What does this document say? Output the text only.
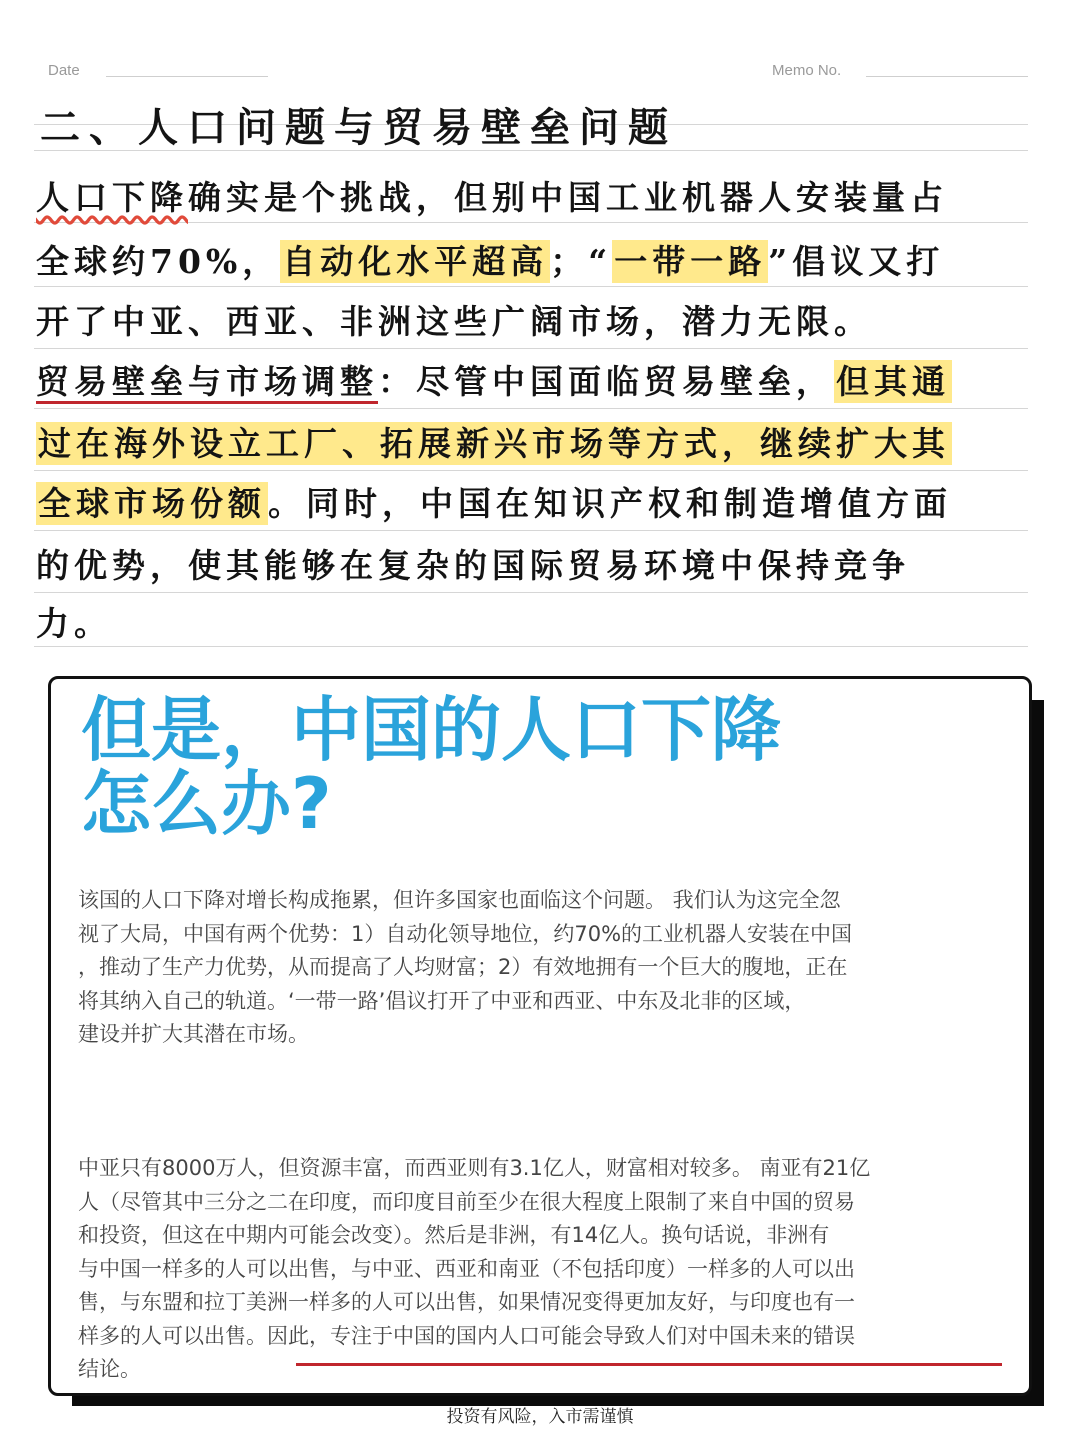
Date	Memo No.
二、人口问题与贸易壁垒问题
人口下降确实是个挑战，但别中国工业机器人安装量占
全球约70%，自动化水平超高；“一带一路”倡议又打
开了中亚、西亚、非洲这些广阔市场，潜力无限。
贸易壁垒与市场调整：尽管中国面临贸易壁垒，但其通
过在海外设立工厂、拓展新兴市场等方式，继续扩大其
全球市场份额。同时，中国在知识产权和制造增值方面
的优势，使其能够在复杂的国际贸易环境中保持竞争
力。
但是，中国的人口下降
怎么办?
该国的人口下降对增长构成拖累，但许多国家也面临这个问题。 我们认为这完全忽
视了大局，中国有两个优势：1）自动化领导地位，约70%的工业机器人安装在中国
，推动了生产力优势，从而提高了人均财富；2）有效地拥有一个巨大的腹地，正在
将其纳入自己的轨道。‘一带一路’倡议打开了中亚和西亚、中东及北非的区域，
建设并扩大其潜在市场。
中亚只有8000万人，但资源丰富，而西亚则有3.1亿人，财富相对较多。 南亚有21亿
人（尽管其中三分之二在印度，而印度目前至少在很大程度上限制了来自中国的贸易
和投资，但这在中期内可能会改变）。然后是非洲，有14亿人。换句话说，非洲有
与中国一样多的人可以出售，与中亚、西亚和南亚（不包括印度）一样多的人可以出
售，与东盟和拉丁美洲一样多的人可以出售，如果情况变得更加友好，与印度也有一
样多的人可以出售。因此，专注于中国的国内人口可能会导致人们对中国未来的错误
结论。
投资有风险，入市需谨慎
